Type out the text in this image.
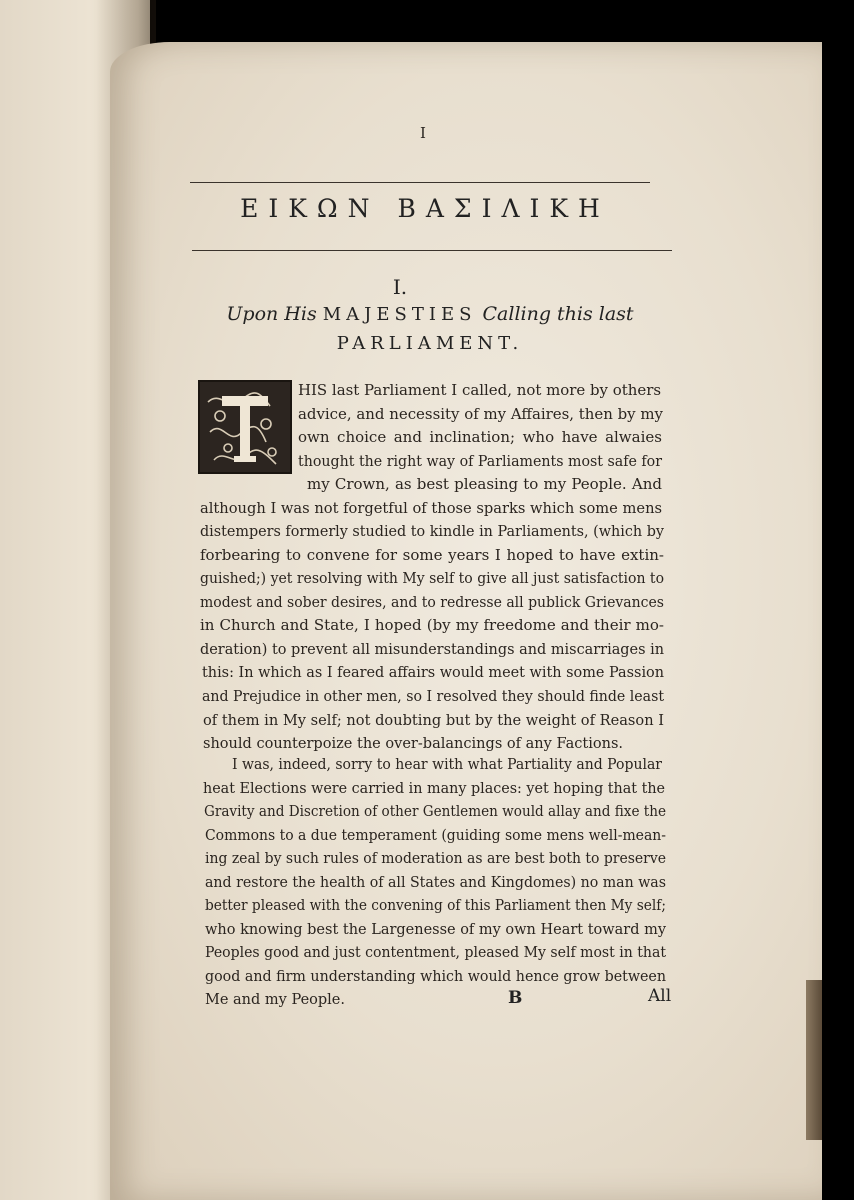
I
ΕΙΚΩΝ ΒΑΣΙΛΙΚΗ
I.
Upon His MAJESTIES Calling this last
PARLIAMENT.
HIS last Parliament I called, not more by others
advice, and necessity of my Affaires, then by my
own choice and inclination; who have alwaies
thought the right way of Parliaments most safe for
my Crown, as best pleasing to my People. And
although I was not forgetful of those sparks which some mens
distempers formerly studied to kindle in Parliaments, (which by
forbearing to convene for some years I hoped to have extin-
guished;) yet resolving with My self to give all just satisfaction to
modest and sober desires, and to redresse all publick Grievances
in Church and State, I hoped (by my freedome and their mo-
deration) to prevent all misunderstandings and miscarriages in
this: In which as I feared affairs would meet with some Passion
and Prejudice in other men, so I resolved they should finde least
of them in My self; not doubting but by the weight of Reason I
should counterpoize the over-balancings of any Factions.
I was, indeed, sorry to hear with what Partiality and Popular
heat Elections were carried in many places: yet hoping that the
Gravity and Discretion of other Gentlemen would allay and fixe the
Commons to a due temperament (guiding some mens well-mean-
ing zeal by such rules of moderation as are best both to preserve
and restore the health of all States and Kingdomes) no man was
better pleased with the convening of this Parliament then My self;
who knowing best the Largenesse of my own Heart toward my
Peoples good and just contentment, pleased My self most in that
good and firm understanding which would hence grow between
Me and my People.	B	All
